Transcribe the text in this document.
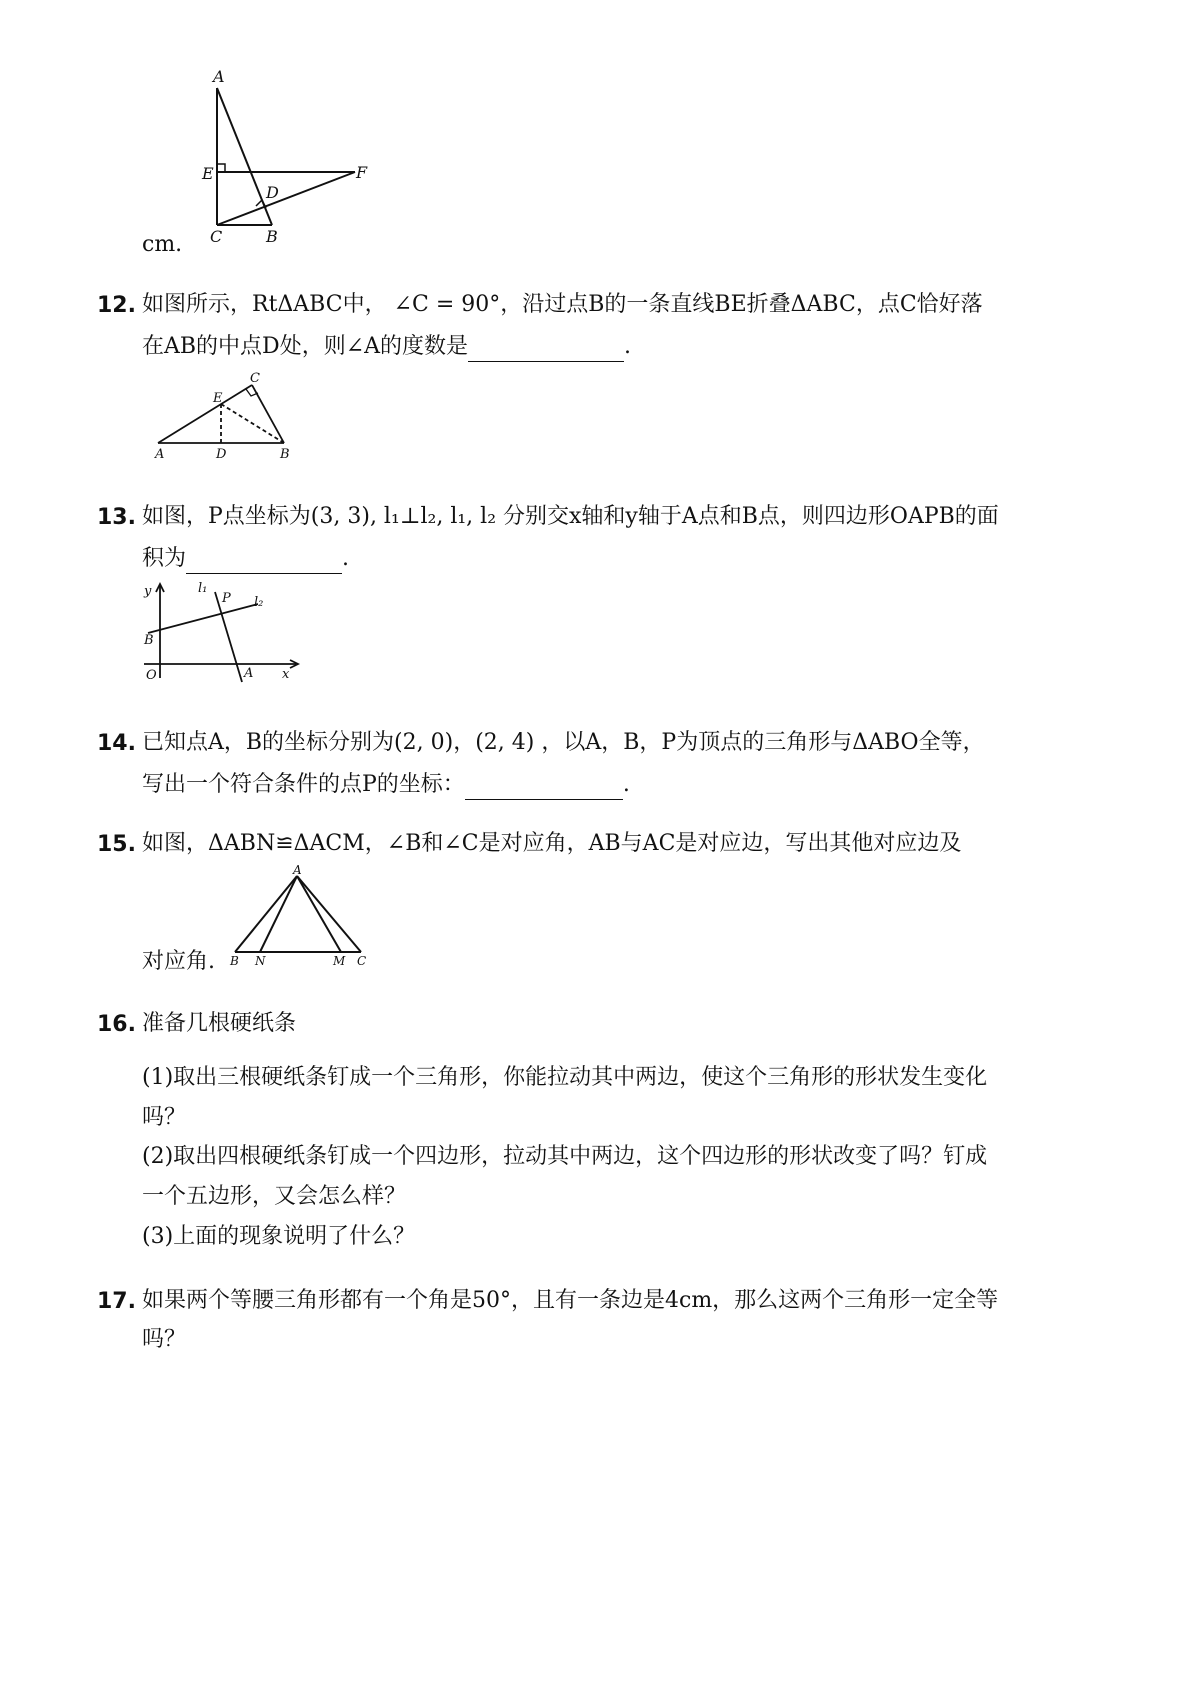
A
E	F
D
C	B
cm.
12. 如图所示，RtΔABC中， ∠C = 90°，沿过点B的一条直线BE折叠ΔABC，点C恰好落
在AB的中点D处，则∠A的度数是	.
C
E
A	D	B
13. 如图，P点坐标为(3, 3), l₁⊥l₂, l₁, l₂ 分别交x轴和y轴于A点和B点，则四边形OAPB的面
积为	.
y	l₁
P l₂
B
O	A x
14. 已知点A，B的坐标分别为(2, 0)，(2, 4) ，以A，B，P为顶点的三角形与ΔABO全等，
写出一个符合条件的点P的坐标：	.
15. 如图，ΔABN≌ΔACM，∠B和∠C是对应角，AB与AC是对应边，写出其他对应边及
对应角.
A
B N	M C
16. 准备几根硬纸条
(1)取出三根硬纸条钉成一个三角形，你能拉动其中两边，使这个三角形的形状发生变化
吗？
(2)取出四根硬纸条钉成一个四边形，拉动其中两边，这个四边形的形状改变了吗？钉成
一个五边形，又会怎么样？
(3)上面的现象说明了什么？
17. 如果两个等腰三角形都有一个角是50°，且有一条边是4cm，那么这两个三角形一定全等
吗？
